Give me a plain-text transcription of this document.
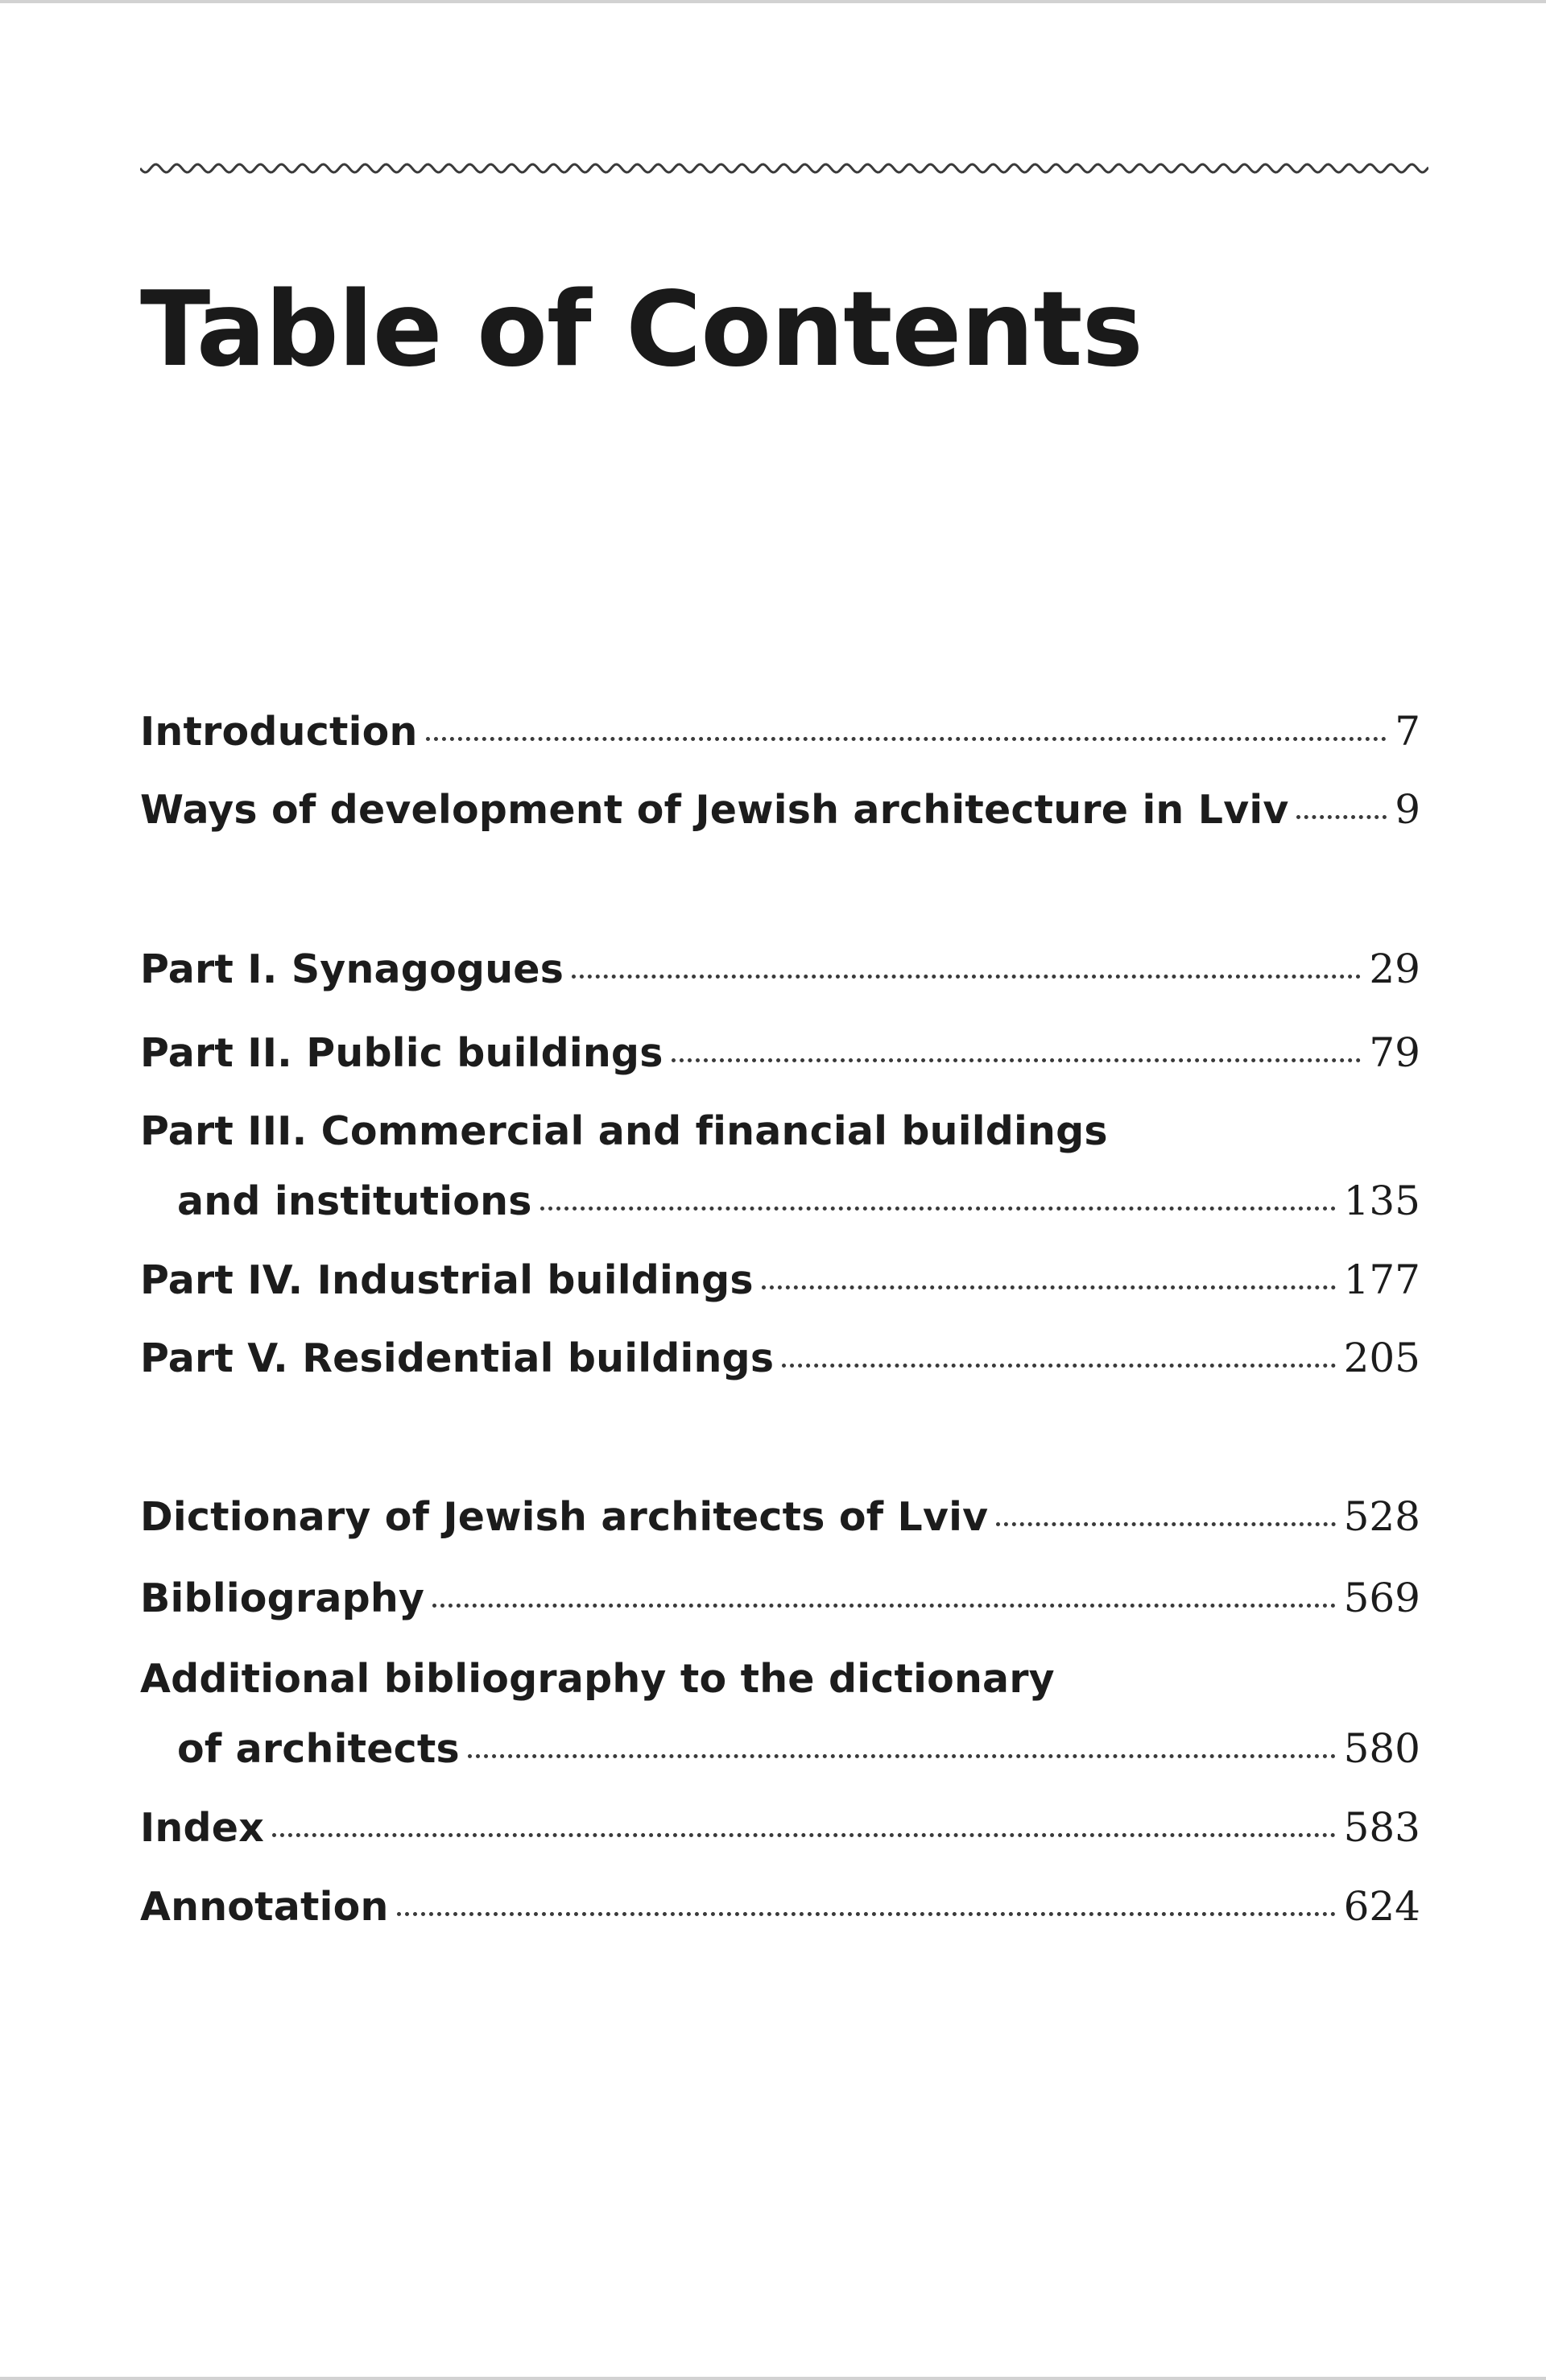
Table of Contents
Introduction	7
Ways of development of Jewish architecture in Lviv	9
Part I. Synagogues	29
Part II. Public buildings	79
Part III. Commercial and financial buildings
and institutions	135
Part IV. Industrial buildings	177
Part V. Residential buildings	205
Dictionary of Jewish architects of Lviv	528
Bibliography	569
Additional bibliography to the dictionary
of architects	580
Index	583
Annotation	624
